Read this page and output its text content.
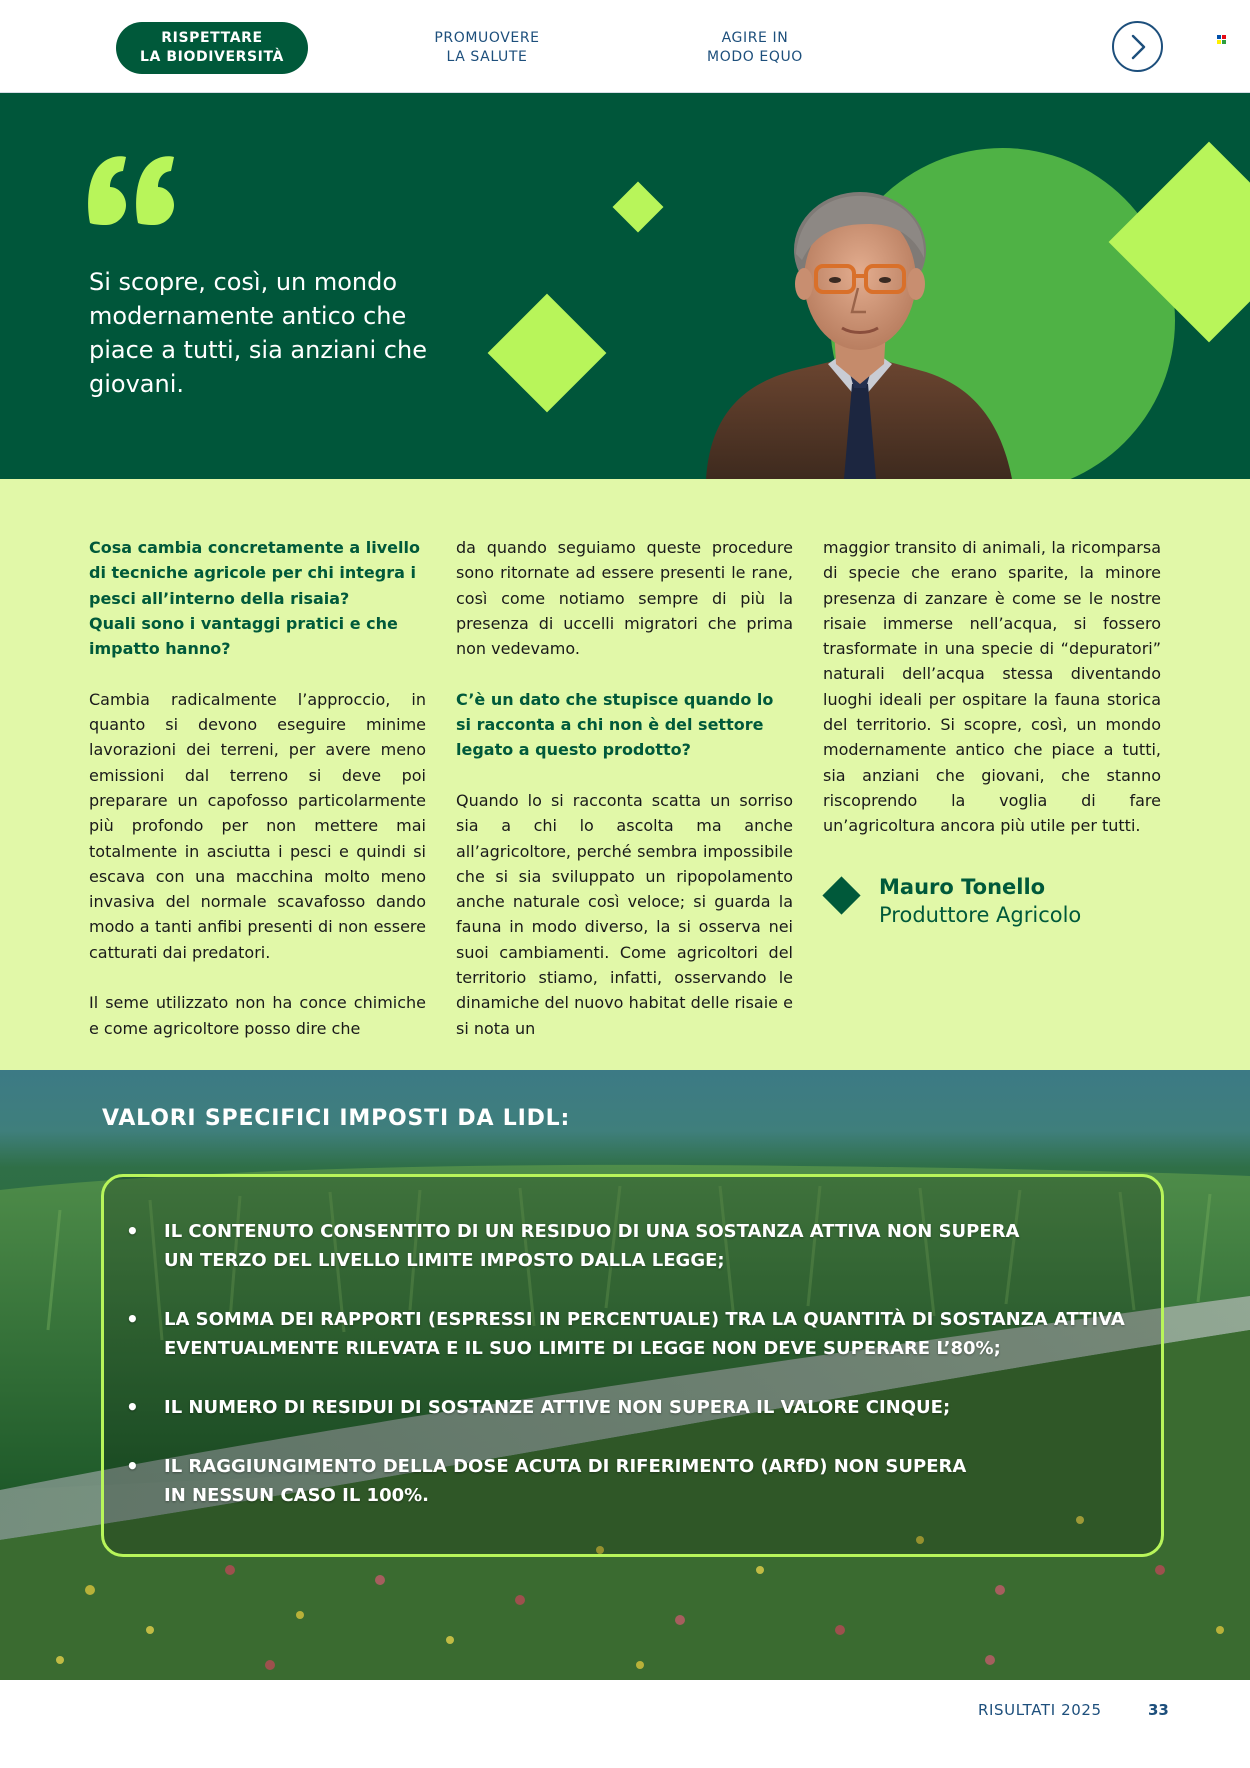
RISPETTARE
LA BIODIVERSITÀ
PROMUOVERE
LA SALUTE
AGIRE IN
MODO EQUO

Si scopre, così, un mondo modernamente antico che piace a tutti, sia anziani che giovani.

Cosa cambia concretamente a livello di tecniche agricole per chi integra i pesci all’interno della risaia?

Quali sono i vantaggi pratici e che impatto hanno?

Cambia radicalmente l’approccio, in quanto si devono eseguire minime lavorazioni dei terreni, per avere meno emissioni dal terreno si deve poi preparare un capofosso particolarmente più profondo per non mettere mai totalmente in asciutta i pesci e quindi si escava con una macchina molto meno invasiva del normale scavafosso dando modo a tanti anfibi presenti di non essere catturati dai predatori.

Il seme utilizzato non ha conce chimiche e come agricoltore posso dire che

da quando seguiamo queste procedure sono ritornate ad essere presenti le rane, così come notiamo sempre di più la presenza di uccelli migratori che prima non vedevamo.

C’è un dato che stupisce quando lo si racconta a chi non è del settore legato a questo prodotto?

Quando lo si racconta scatta un sorriso sia a chi lo ascolta ma anche all’agricoltore, perché sembra impossibile che si sia sviluppato un ripopolamento anche naturale così veloce; si guarda la fauna in modo diverso, la si osserva nei suoi cambiamenti. Come agricoltori del territorio stiamo, infatti, osservando le dinamiche del nuovo habitat delle risaie e si nota un

maggior transito di animali, la ricomparsa di specie che erano sparite, la minore presenza di zanzare è come se le nostre risaie immerse nell’acqua, si fossero trasformate in una specie di “depuratori” naturali dell’acqua stessa diventando luoghi ideali per ospitare la fauna storica del territorio. Si scopre, così, un mondo modernamente antico che piace a tutti, sia anziani che giovani, che stanno riscoprendo la voglia di fare un’agricoltura ancora più utile per tutti.

Mauro Tonello
Produttore Agricolo
VALORI SPECIFICI IMPOSTI DA LIDL:
• IL CONTENUTO CONSENTITO DI UN RESIDUO DI UNA SOSTANZA ATTIVA NON SUPERA
UN TERZO DEL LIVELLO LIMITE IMPOSTO DALLA LEGGE;
• LA SOMMA DEI RAPPORTI (ESPRESSI IN PERCENTUALE) TRA LA QUANTITÀ DI SOSTANZA ATTIVA
EVENTUALMENTE RILEVATA E IL SUO LIMITE DI LEGGE NON DEVE SUPERARE L’80%;
• IL NUMERO DI RESIDUI DI SOSTANZE ATTIVE NON SUPERA IL VALORE CINQUE;
• IL RAGGIUNGIMENTO DELLA DOSE ACUTA DI RIFERIMENTO (ARfD) NON SUPERA
IN NESSUN CASO IL 100%.
RISULTATI 2025	33
